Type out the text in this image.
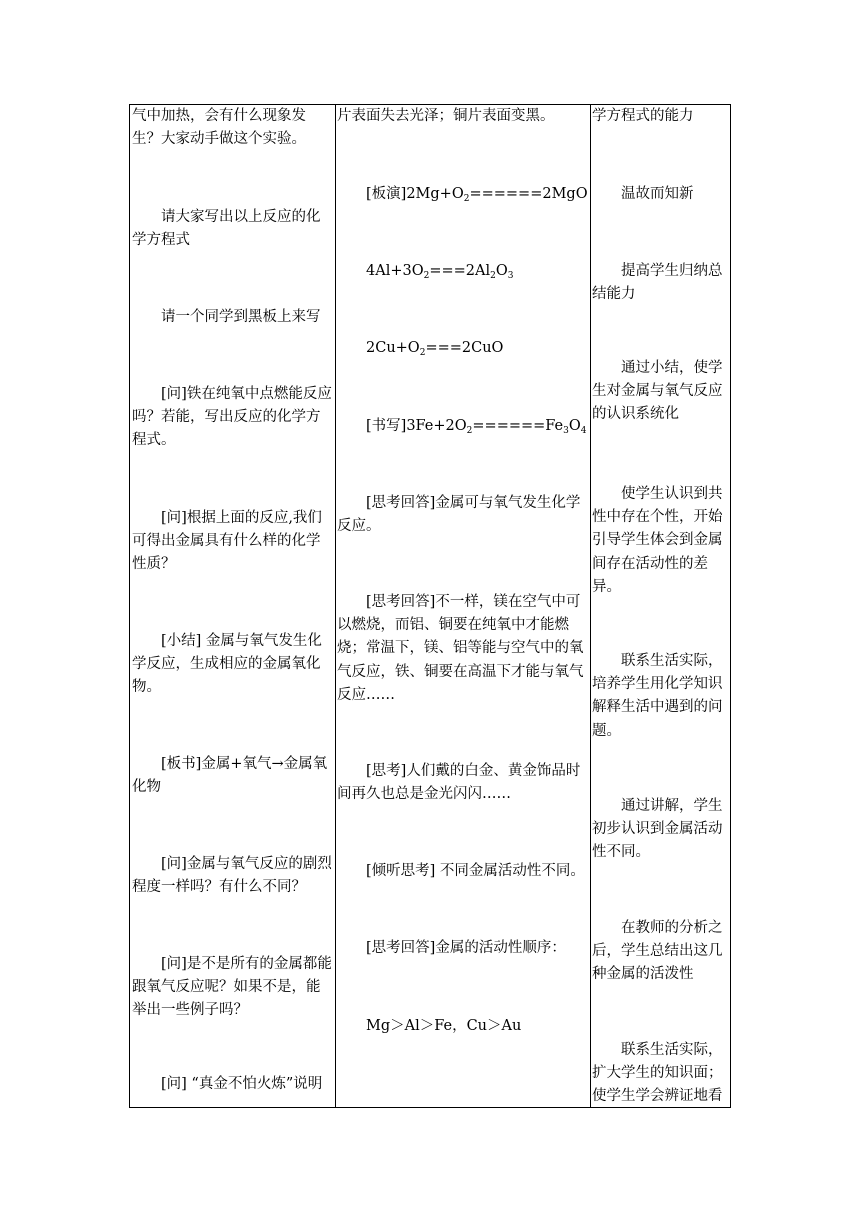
气中加热，会有什么现象发生？大家动手做这个实验。

请大家写出以上反应的化学方程式

请一个同学到黑板上来写

[问]铁在纯氧中点燃能反应吗？若能，写出反应的化学方程式。

[问]根据上面的反应,我们可得出金属具有什么样的化学性质？

[小结] 金属与氧气发生化学反应，生成相应的金属氧化物。

[板书]金属+氧气→金属氧化物

[问]金属与氧气反应的剧烈程度一样吗？有什么不同？

[问]是不是所有的金属都能跟氧气反应呢？如果不是，能举出一些例子吗？

[问] “真金不怕火炼”说明

片表面失去光泽；铜片表面变黑。

[板演]$2Mg+O_2======2MgO$

$4Al+3O_2===2Al_2O_3$

$2Cu+O_2===2CuO$

[书写]$3Fe+2O_2======Fe_3O_4$

[思考回答]金属可与氧气发生化学反应。

[思考回答]不一样，镁在空气中可以燃烧，而铝、铜要在纯氧中才能燃烧；常温下，镁、铝等能与空气中的氧气反应，铁、铜要在高温下才能与氧气反应……

[思考]人们戴的白金、黄金饰品时间再久也总是金光闪闪……

[倾听思考] 不同金属活动性不同。

[思考回答]金属的活动性顺序：

Mg＞Al＞Fe，Cu＞Au

学方程式的能力

温故而知新

提高学生归纳总结能力

通过小结，使学生对金属与氧气反应的认识系统化

使学生认识到共性中存在个性，开始引导学生体会到金属间存在活动性的差异。

联系生活实际，培养学生用化学知识解释生活中遇到的问题。

通过讲解，学生初步认识到金属活动性不同。

在教师的分析之后，学生总结出这几种金属的活泼性

联系生活实际，扩大学生的知识面；使学生学会辨证地看
